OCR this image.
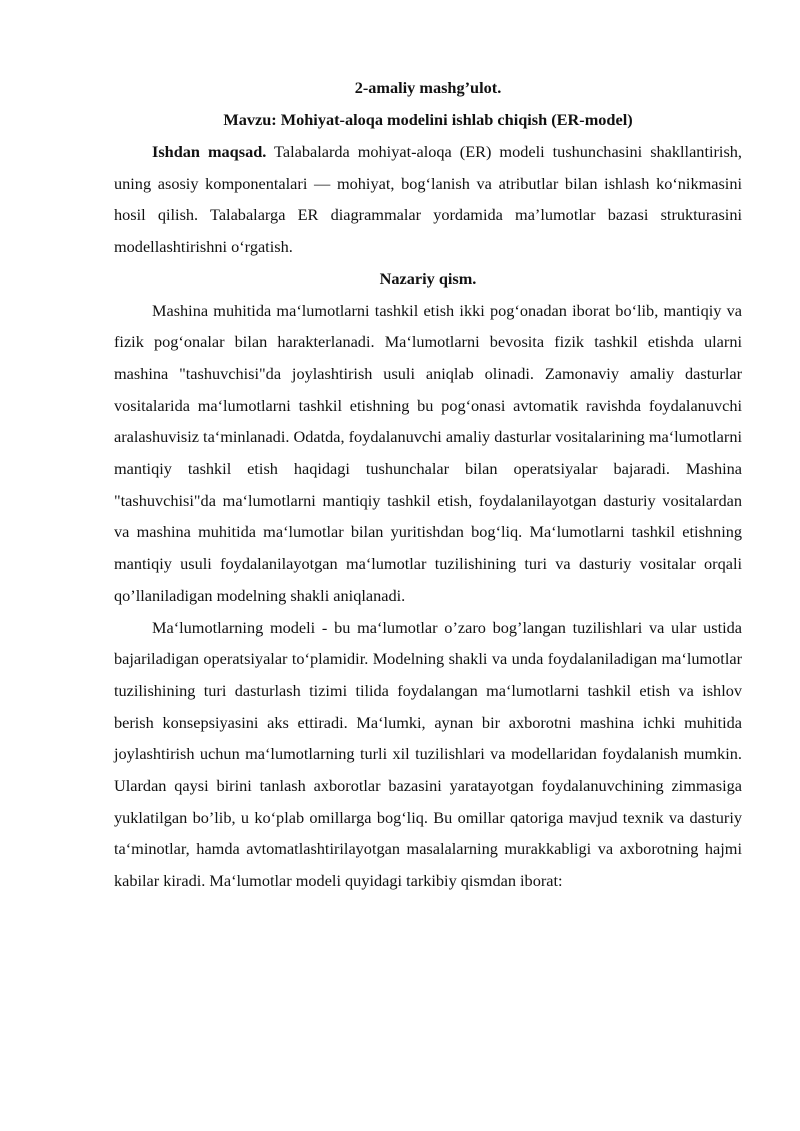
2-amaliy mashg’ulot.

Mavzu: Mohiyat-aloqa modelini ishlab chiqish (ER-model)

Ishdan maqsad. Talabalarda mohiyat-aloqa (ER) modeli tushunchasini shakllantirish, uning asosiy komponentalari — mohiyat, bog‘lanish va atributlar bilan ishlash ko‘nikmasini hosil qilish. Talabalarga ER diagrammalar yordamida ma’lumotlar bazasi strukturasini modellashtirishni o‘rgatish.

Nazariy qism.

Mashina muhitida ma‘lumotlarni tashkil etish ikki pog‘onadan iborat bo‘lib, mantiqiy va fizik pog‘onalar bilan harakterlanadi. Ma‘lumotlarni bevosita fizik tashkil etishda ularni mashina "tashuvchisi"da joylashtirish usuli aniqlab olinadi. Zamonaviy amaliy dasturlar vositalarida ma‘lumotlarni tashkil etishning bu pog‘onasi avtomatik ravishda foydalanuvchi aralashuvisiz ta‘minlanadi. Odatda, foydalanuvchi amaliy dasturlar vositalarining ma‘lumotlarni mantiqiy tashkil etish haqidagi tushunchalar bilan operatsiyalar bajaradi. Mashina "tashuvchisi"da ma‘lumotlarni mantiqiy tashkil etish, foydalanilayotgan dasturiy vositalardan va mashina muhitida ma‘lumotlar bilan yuritishdan bog‘liq. Ma‘lumotlarni tashkil etishning mantiqiy usuli foydalanilayotgan ma‘lumotlar tuzilishining turi va dasturiy vositalar orqali qo’llaniladigan modelning shakli aniqlanadi.

Ma‘lumotlarning modeli - bu ma‘lumotlar o’zaro bog’langan tuzilishlari va ular ustida bajariladigan operatsiyalar to‘plamidir. Modelning shakli va unda foydalaniladigan ma‘lumotlar tuzilishining turi dasturlash tizimi tilida foydalangan ma‘lumotlarni tashkil etish va ishlov berish konsepsiyasini aks ettiradi. Ma‘lumki, aynan bir axborotni mashina ichki muhitida joylashtirish uchun ma‘lumotlarning turli xil tuzilishlari va modellaridan foydalanish mumkin. Ulardan qaysi birini tanlash axborotlar bazasini yaratayotgan foydalanuvchining zimmasiga yuklatilgan bo’lib, u ko‘plab omillarga bog‘liq. Bu omillar qatoriga mavjud texnik va dasturiy ta‘minotlar, hamda avtomatlashtirilayotgan masalalarning murakkabligi va axborotning hajmi kabilar kiradi. Ma‘lumotlar modeli quyidagi tarkibiy qismdan iborat:
